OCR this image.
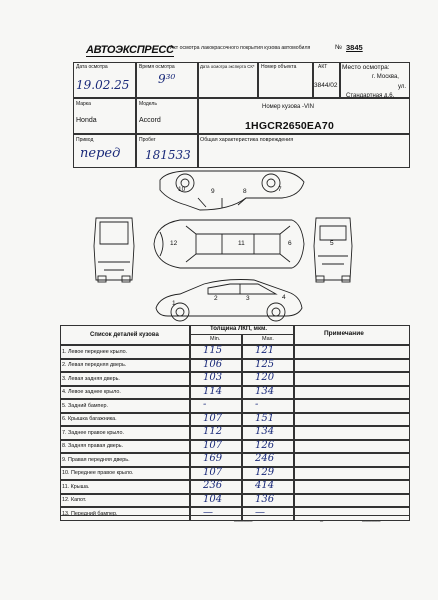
АВТОЭКСПРЕСС
Акт осмотра лакокрасочного покрытия кузова автомобиля	№ 3845
Дата осмотра
19.02.25
Время осмотра
9³⁰
Дата осмотра эксперта СК* Номер объекта	АКТ
3844/02
Место осмотра:
г. Москва,
ул.
Стандартная д.6,
Марка
Honda
Модель
Accord
Номер кузова -VIN
1HGCR2650EA70
Привод
перед
Пробег
181533
Общая характеристика повреждения
10	9	8	7
12	11	6	5
4
3
2
1
Список деталей кузова
Толщина ЛКП, мкм.
Min.	Max.
Примечание
1. Левое переднее крыло.	115	121
2. Левая передняя дверь.	106	125
3. Левая задняя дверь.	103	120
4. Левое заднее крыло.	114	134
5. Задний бампер.	-	-
6. Крышка багажника.	107	151
7. Заднее правое крыло.	112	134
8. Задняя правая дверь.	107	126
9. Правая передняя дверь.	169	246
10. Переднее правое крыло.	107	129
11. Крыша.	236	414
12. Капот.	104	136
13. Передний бампер.	—	—
▁▁▁▁▁▁	▁	▁▁▁▁▁▁
